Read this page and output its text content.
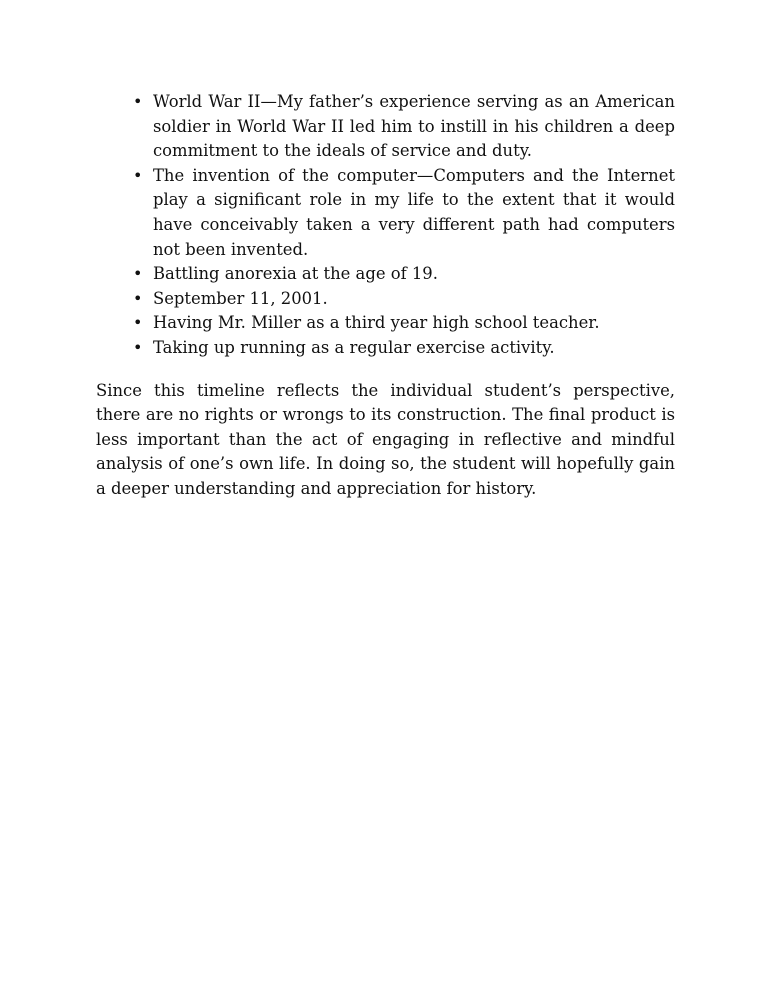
• World War II—My father’s experience serving as an American soldier in World War II led him to instill in his children a deep commitment to the ideals of service and duty.
• The invention of the computer—Computers and the Internet play a significant role in my life to the extent that it would have conceivably taken a very different path had computers not been invented.
• Battling anorexia at the age of 19.
• September 11, 2001.
• Having Mr. Miller as a third year high school teacher.
• Taking up running as a regular exercise activity.

Since this timeline reflects the individual student’s perspective, there are no rights or wrongs to its construction. The final product is less important than the act of engaging in reflective and mindful analysis of one’s own life. In doing so, the student will hopefully gain a deeper understanding and appreciation for history.
